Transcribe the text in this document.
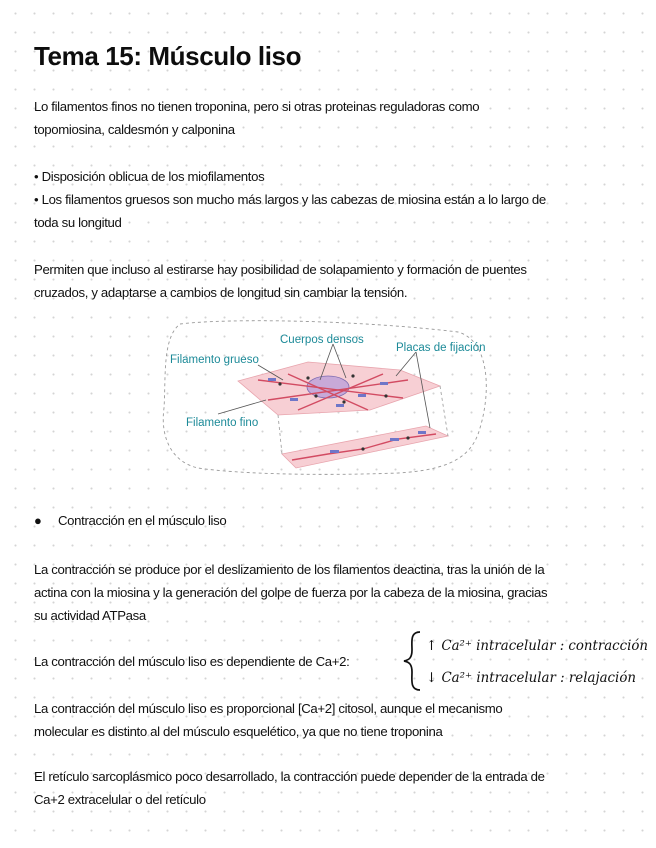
Tema 15: Músculo liso

Lo filamentos finos no tienen troponina, pero si otras proteinas reguladoras como
topomiosina, caldesmón y calponina

• Disposición oblicua de los miofilamentos
• Los filamentos gruesos son mucho más largos y las cabezas de miosina están a lo largo de
toda su longitud

Permiten que incluso al estirarse hay posibilidad de solapamiento y formación de puentes
cruzados, y adaptarse a cambios de longitud sin cambiar la tensión.

● Contracción en el músculo liso

La contracción se produce por el deslizamiento de los filamentos deactina, tras la unión de la
actina con la miosina y la generación del golpe de fuerza por la cabeza de la miosina, gracias
su actividad ATPasa

La contracción del músculo liso es dependiente de Ca+2:

La contracción del músculo liso es proporcional [Ca+2] citosol, aunque el mecanismo
molecular es distinto al del músculo esquelético, ya que no tiene troponina

El retículo sarcoplásmico poco desarrollado, la contracción puede depender de la entrada de
Ca+2 extracelular o del retículo

Cuerpos densos
Placas de fijación
Filamento grueso
Filamento fino
↑ Ca²⁺ intracelular : contracción
↓ Ca²⁺ intracelular : relajación
